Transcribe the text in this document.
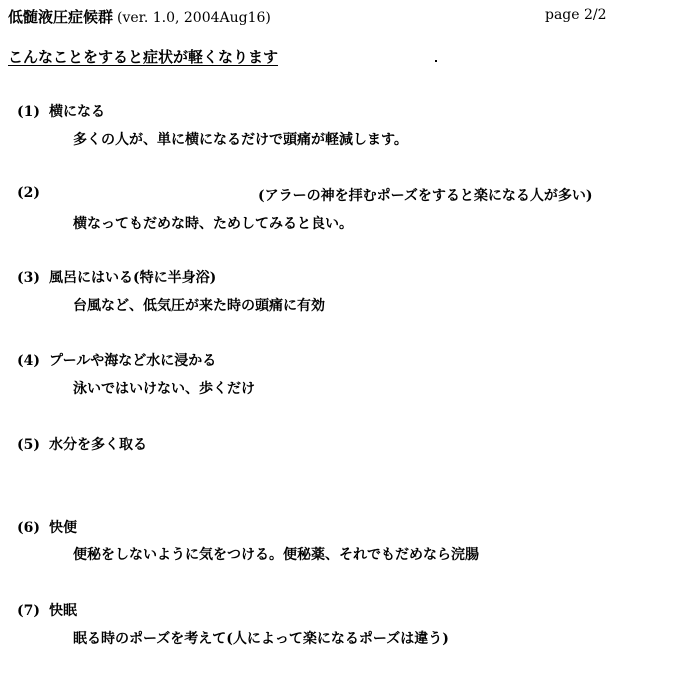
低髄液圧症候群 (ver. 1.0, 2004Aug16)	page 2/2
こんなことをすると症状が軽くなります
(1) 横になる
多くの人が、単に横になるだけで頭痛が軽減します。
(2)	(アラーの神を拝むポーズをすると楽になる人が多い)
横なってもだめな時、ためしてみると良い。
(3) 風呂にはいる(特に半身浴)
台風など、低気圧が来た時の頭痛に有効
(4) プールや海など水に浸かる
泳いではいけない、歩くだけ
(5) 水分を多く取る
(6) 快便
便秘をしないように気をつける。便秘薬、それでもだめなら浣腸
(7) 快眠
眠る時のポーズを考えて(人によって楽になるポーズは違う)
